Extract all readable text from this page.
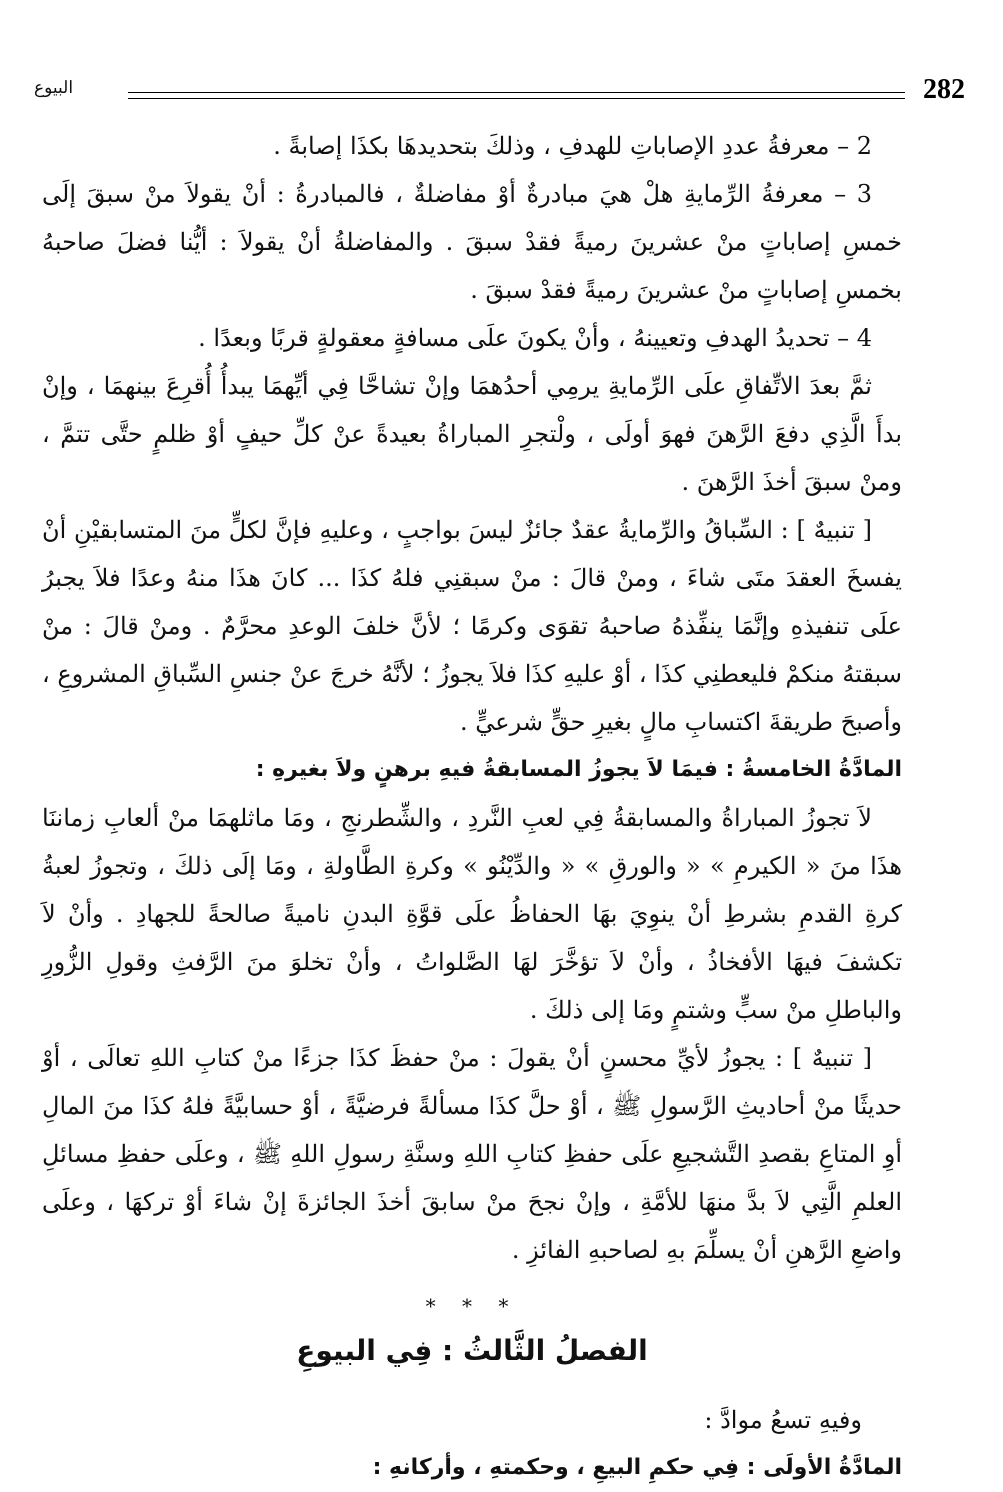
البيوع	282

2 – معرفةُ عددِ الإصاباتِ للهدفِ ، وذلكَ بتحديدهَا بكذَا إصابةً .

3 – معرفةُ الرِّمايةِ هلْ هيَ مبادرةٌ أوْ مفاضلةٌ ، فالمبادرةُ : أنْ يقولاَ منْ سبقَ إلَى خمسِ إصاباتٍ منْ عشرينَ رميةً فقدْ سبقَ . والمفاضلةُ أنْ يقولاَ : أيُّنا فضلَ صاحبهُ بخمسِ إصاباتٍ منْ عشرينَ رميةً فقدْ سبقَ .

4 – تحديدُ الهدفِ وتعيينهُ ، وأنْ يكونَ علَى مسافةٍ معقولةٍ قربًا وبعدًا .

ثمَّ بعدَ الاتِّفاقِ علَى الرِّمايةِ يرمِي أحدُهمَا وإنْ تشاحَّا فِي أيِّهمَا يبدأُ أُقرِعَ بينهمَا ، وإنْ بدأَ الَّذِي دفعَ الرَّهنَ فهوَ أولَى ، ولْتجرِ المباراةُ بعيدةً عنْ كلِّ حيفٍ أوْ ظلمٍ حتَّى تتمَّ ، ومنْ سبقَ أخذَ الرَّهنَ .

[ تنبيهٌ ] : السِّباقُ والرِّمايةُ عقدٌ جائزٌ ليسَ بواجبٍ ، وعليهِ فإنَّ لكلٍّ منَ المتسابقيْنِ أنْ يفسخَ العقدَ متَى شاءَ ، ومنْ قالَ : منْ سبقنِي فلهُ كذَا ... كانَ هذَا منهُ وعدًا فلاَ يجبرُ علَى تنفيذهِ وإنَّمَا ينفِّذهُ صاحبهُ تقوَى وكرمًا ؛ لأنَّ خلفَ الوعدِ محرَّمٌ . ومنْ قالَ : منْ سبقتهُ منكمْ فليعطنِي كذَا ، أوْ عليهِ كذَا فلاَ يجوزُ ؛ لأنَّهُ خرجَ عنْ جنسِ السِّباقِ المشروعِ ، وأصبحَ طريقةَ اكتسابِ مالٍ بغيرِ حقٍّ شرعيٍّ .

المادَّةُ الخامسةُ : فيمَا لاَ يجوزُ المسابقةُ فيهِ برهنٍ ولاَ بغيرهِ :

لاَ تجوزُ المباراةُ والمسابقةُ فِي لعبِ النَّردِ ، والشِّطرنجِ ، ومَا ماثلهمَا منْ ألعابِ زماننَا هذَا منَ « الكيرمِ » « والورقِ » « والدِّيْنُو » وكرةِ الطَّاولةِ ، ومَا إلَى ذلكَ ، وتجوزُ لعبةُ كرةِ القدمِ بشرطِ أنْ ينوِيَ بهَا الحفاظُ علَى قوَّةِ البدنِ ناميةً صالحةً للجهادِ . وأنْ لاَ تكشفَ فيهَا الأفخاذُ ، وأنْ لاَ تؤخَّرَ لهَا الصَّلواتُ ، وأنْ تخلوَ منَ الرَّفثِ وقولِ الزُّورِ والباطلِ منْ سبٍّ وشتمٍ ومَا إلى ذلكَ .

[ تنبيهٌ ] : يجوزُ لأيِّ محسنٍ أنْ يقولَ : منْ حفظَ كذَا جزءًا منْ كتابِ اللهِ تعالَى ، أوْ حديثًا منْ أحاديثِ الرَّسولِ ﷺ ، أوْ حلَّ كذَا مسألةً فرضيَّةً ، أوْ حسابيَّةً فلهُ كذَا منَ المالِ أوِ المتاعِ بقصدِ التَّشجيعِ علَى حفظِ كتابِ اللهِ وسنَّةِ رسولِ اللهِ ﷺ ، وعلَى حفظِ مسائلِ العلمِ الَّتِي لاَ بدَّ منهَا للأمَّةِ ، وإنْ نجحَ منْ سابقَ أخذَ الجائزةَ إنْ شاءَ أوْ تركهَا ، وعلَى واضعِ الرَّهنِ أنْ يسلِّمَ بهِ لصاحبهِ الفائزِ .

* * *

الفصلُ الثَّالثُ : فِي البيوعِ

وفيهِ تسعُ موادَّ :

المادَّةُ الأولَى : فِي حكمِ البيعِ ، وحكمتهِ ، وأركانهِ :
